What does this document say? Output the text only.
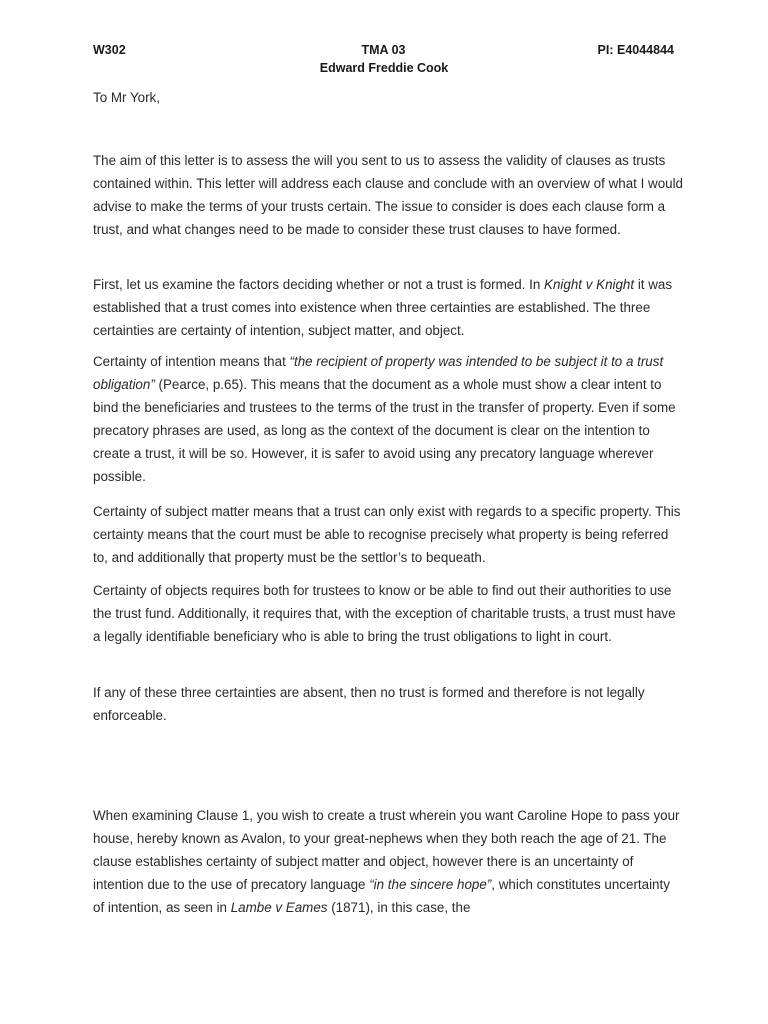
W302	TMA 03	PI: E4044844
Edward Freddie Cook

To Mr York,

The aim of this letter is to assess the will you sent to us to assess the validity of clauses as trusts contained within. This letter will address each clause and conclude with an overview of what I would advise to make the terms of your trusts certain. The issue to consider is does each clause form a trust, and what changes need to be made to consider these trust clauses to have formed.

First, let us examine the factors deciding whether or not a trust is formed. In Knight v Knight it was established that a trust comes into existence when three certainties are established. The three certainties are certainty of intention, subject matter, and object.

Certainty of intention means that “the recipient of property was intended to be subject it to a trust obligation” (Pearce, p.65). This means that the document as a whole must show a clear intent to bind the beneficiaries and trustees to the terms of the trust in the transfer of property. Even if some precatory phrases are used, as long as the context of the document is clear on the intention to create a trust, it will be so. However, it is safer to avoid using any precatory language wherever possible.

Certainty of subject matter means that a trust can only exist with regards to a specific property. This certainty means that the court must be able to recognise precisely what property is being referred to, and additionally that property must be the settlor’s to bequeath.

Certainty of objects requires both for trustees to know or be able to find out their authorities to use the trust fund. Additionally, it requires that, with the exception of charitable trusts, a trust must have a legally identifiable beneficiary who is able to bring the trust obligations to light in court.

If any of these three certainties are absent, then no trust is formed and therefore is not legally enforceable.

When examining Clause 1, you wish to create a trust wherein you want Caroline Hope to pass your house, hereby known as Avalon, to your great-nephews when they both reach the age of 21. The clause establishes certainty of subject matter and object, however there is an uncertainty of intention due to the use of precatory language “in the sincere hope”, which constitutes uncertainty of intention, as seen in Lambe v Eames (1871), in this case, the
